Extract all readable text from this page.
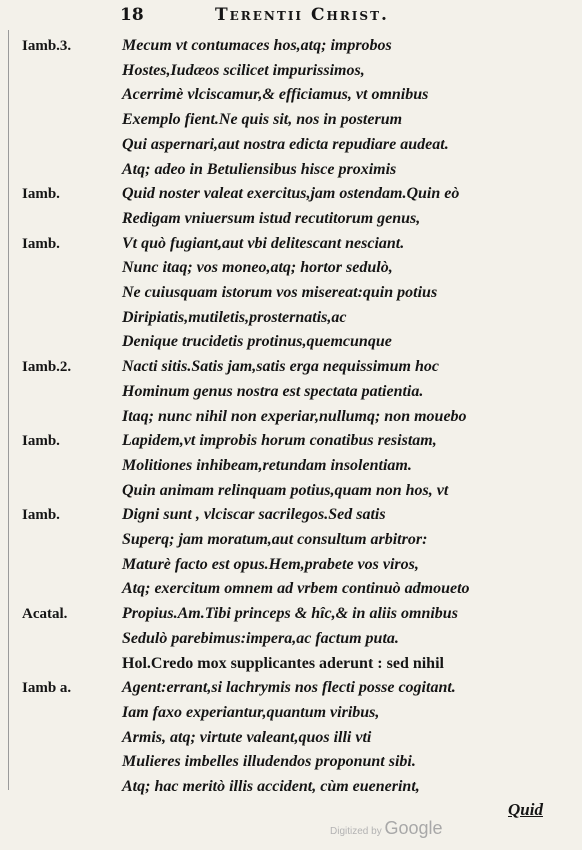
18	Terentii Christ.
Mecum vt contumaces hos,atq; improbos
Hostes,Iudæos scilicet impurissimos,
Acerrimè vlciscamur,& efficiamus, vt omnibus
Exemplo fient.Ne quis sit, nos in posterum
Qui aspernari,aut nostra edicta repudiare audeat.
Atq; adeo in Betuliensibus hisce proximis
Quid noster valeat exercitus,jam ostendam.Quin eò
Redigam vniuersum istud recutitorum genus,
Vt quò fugiant,aut vbi delitescant nesciant.
Nunc itaq; vos moneo,atq; hortor sedulò,
Ne cuiusquam istorum vos misereat:quin potius
Diripiatis,mutiletis,prosternatis,ac
Denique trucidetis protinus,quemcunque
Nacti sitis.Satis jam,satis erga nequissimum hoc
Hominum genus nostra est spectata patientia.
Itaq; nunc nihil non experiar,nullumq; non mouebo
Lapidem,vt improbis horum conatibus resistam,
Molitiones inhibeam,retundam insolentiam.
Quin animam relinquam potius,quam non hos, vt
Digni sunt , vlciscar sacrilegos.Sed satis
Superq; jam moratum,aut consultum arbitror:
Maturè facto est opus.Hem,prabete vos viros,
Atq; exercitum omnem ad vrbem continuò admoueto
Propius.Am.Tibi princeps & hîc,& in aliis omnibus
Sedulò parebimus:impera,ac factum puta.
Hol.Credo mox supplicantes aderunt : sed nihil
Agent:errant,si lachrymis nos flecti posse cogitant.
Iam faxo experiantur,quantum viribus,
Armis, atq; virtute valeant,quos illi vti
Mulieres imbelles illudendos proponunt sibi.
Atq; hac meritò illis accident, cùm euenerint,
Iamb.3.
Iamb.
Iamb.
Iamb.2.
Iamb.
Iamb.
Acatal.
Iamb a.
Quid
Digitized by Google
